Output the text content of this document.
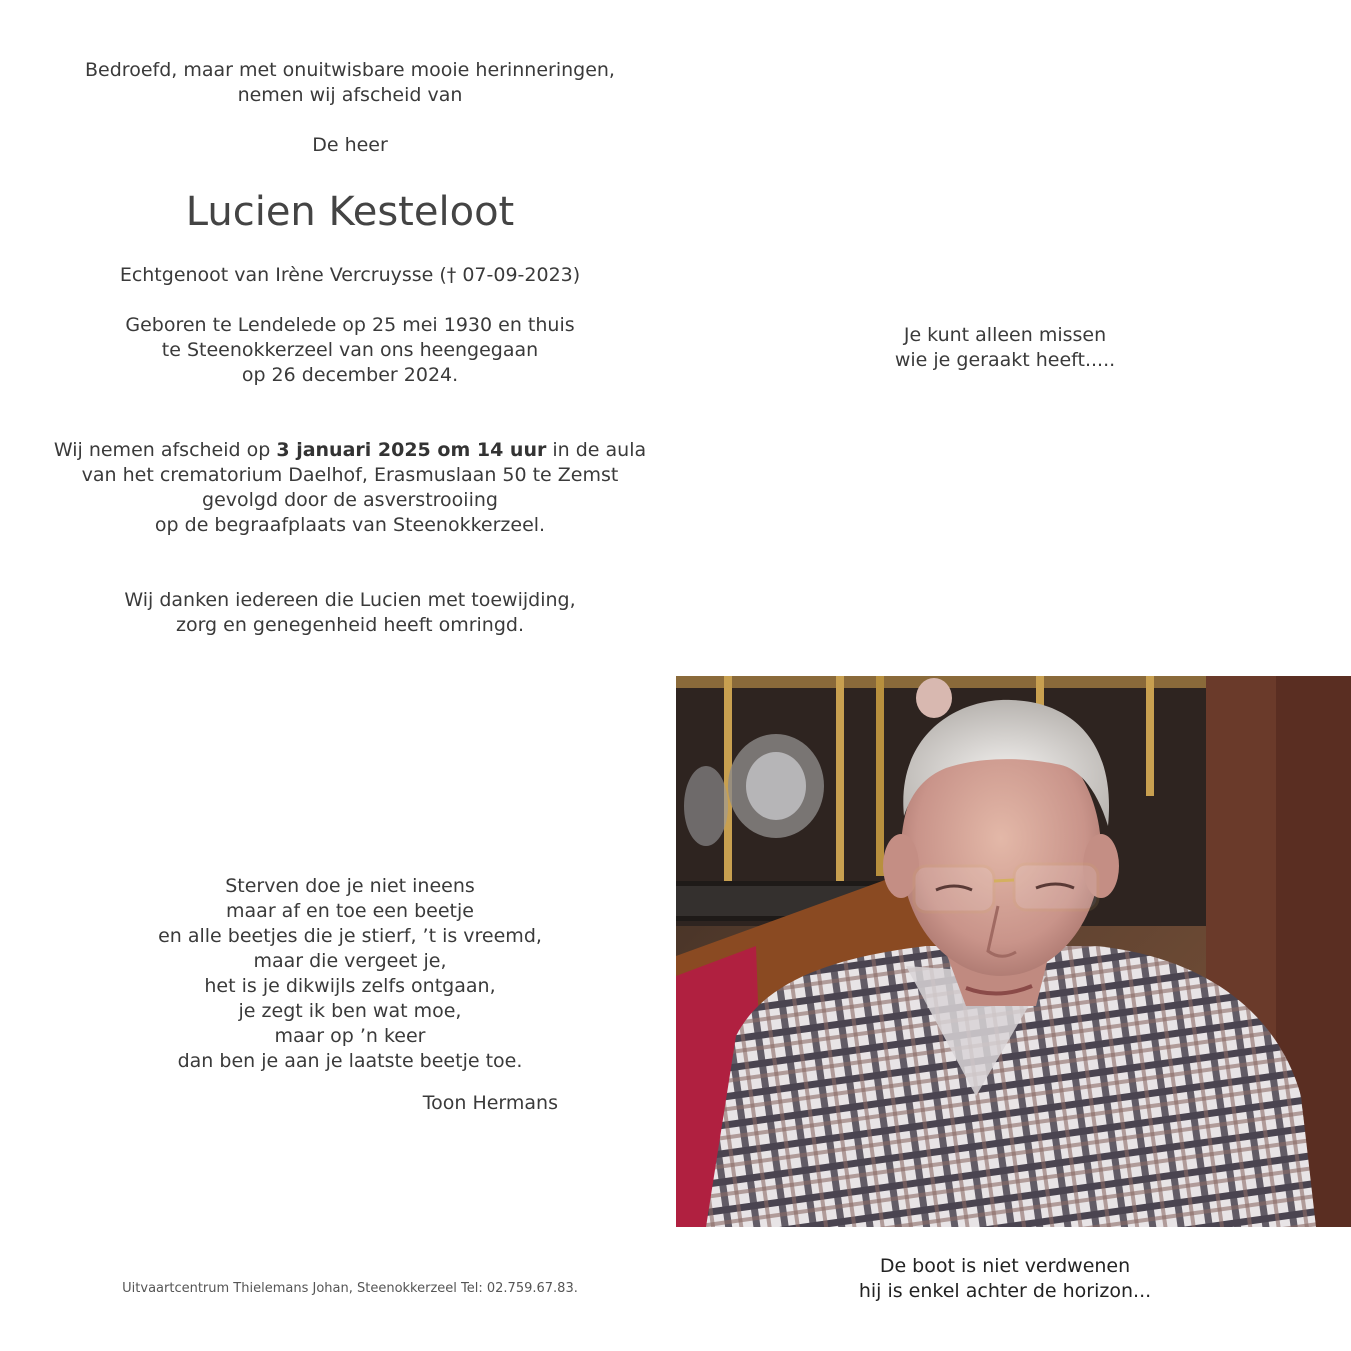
Bedroefd, maar met onuitwisbare mooie herinneringen,
nemen wij afscheid van
De heer
Lucien Kesteloot
Echtgenoot van Irène Vercruysse († 07-09-2023)
Geboren te Lendelede op 25 mei 1930 en thuis
te Steenokkerzeel van ons heengegaan
op 26 december 2024.
Wij nemen afscheid op 3 januari 2025 om 14 uur in de aula
van het crematorium Daelhof, Erasmuslaan 50 te Zemst
gevolgd door de asverstrooiing
op de begraafplaats van Steenokkerzeel.
Wij danken iedereen die Lucien met toewijding,
zorg en genegenheid heeft omringd.
Sterven doe je niet ineens
maar af en toe een beetje
en alle beetjes die je stierf, ’t is vreemd,
maar die vergeet je,
het is je dikwijls zelfs ontgaan,
je zegt ik ben wat moe,
maar op ’n keer
dan ben je aan je laatste beetje toe.
Toon Hermans
Uitvaartcentrum Thielemans Johan, Steenokkerzeel Tel: 02.759.67.83.
Je kunt alleen missen
wie je geraakt heeft.....
De boot is niet verdwenen
hij is enkel achter de horizon...
